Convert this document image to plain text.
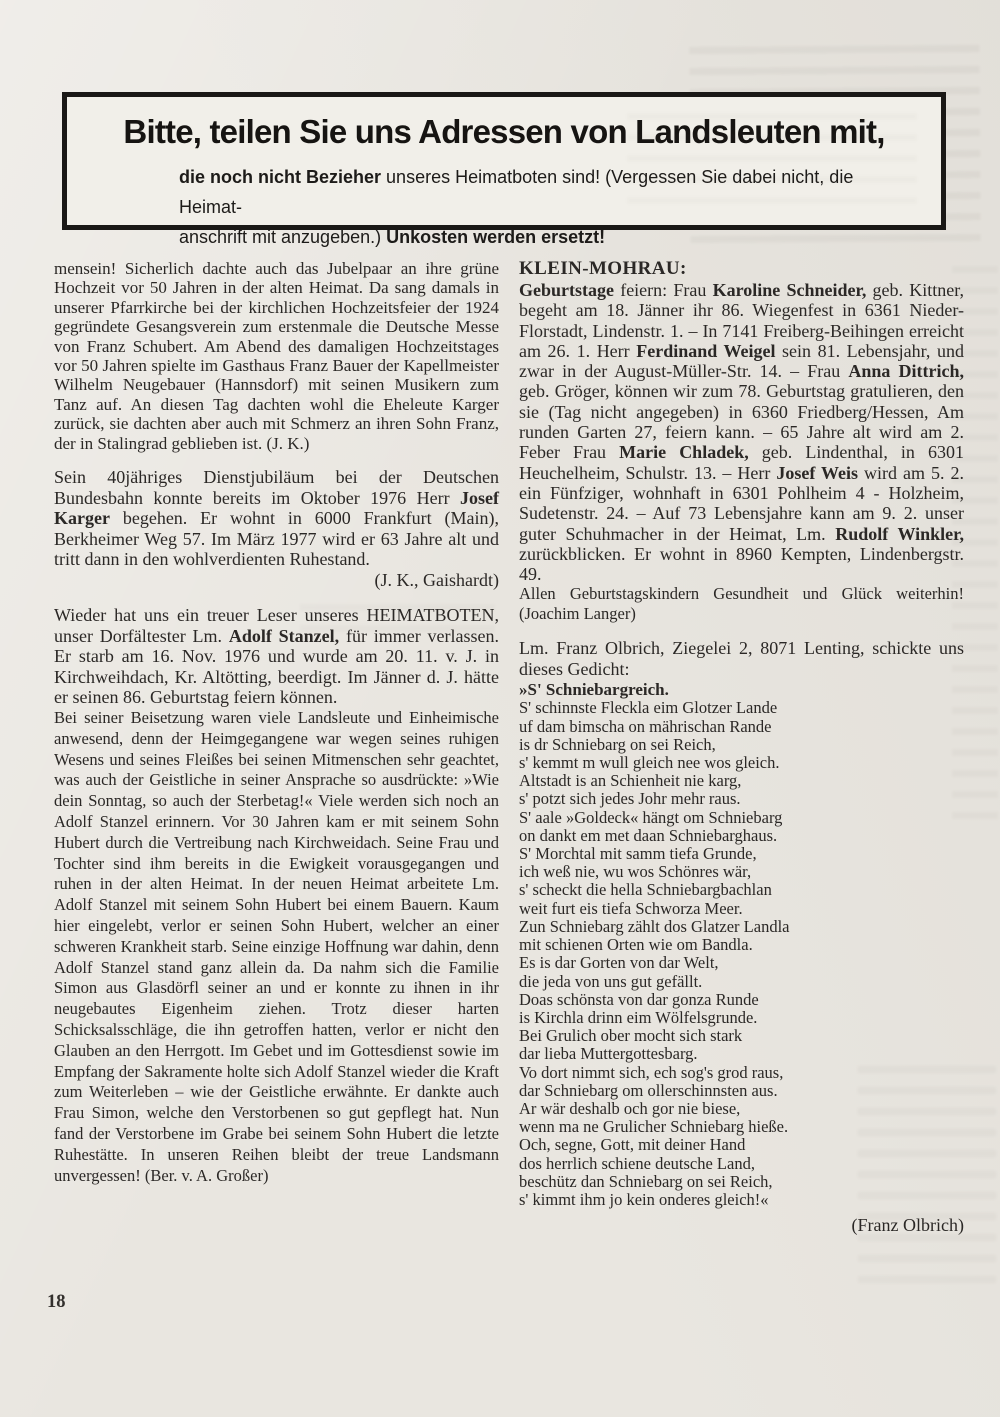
Bitte, teilen Sie uns Adressen von Landsleuten mit,
die noch nicht Bezieher unseres Heimatboten sind! (Vergessen Sie dabei nicht, die Heimat-
anschrift mit anzugeben.) Unkosten werden ersetzt!

mensein! Sicherlich dachte auch das Jubelpaar an ihre grüne Hochzeit vor 50 Jahren in der alten Heimat. Da sang damals in unserer Pfarrkirche bei der kirchlichen Hochzeitsfeier der 1924 gegründete Gesangsverein zum erstenmale die Deutsche Messe von Franz Schubert. Am Abend des damaligen Hochzeitstages vor 50 Jahren spielte im Gasthaus Franz Bauer der Kapellmeister Wilhelm Neugebauer (Hannsdorf) mit seinen Musikern zum Tanz auf. An diesen Tag dachten wohl die Eheleute Karger zurück, sie dachten aber auch mit Schmerz an ihren Sohn Franz, der in Stalingrad geblieben ist. (J. K.)

Sein 40jähriges Dienstjubiläum bei der Deutschen Bundesbahn konnte bereits im Oktober 1976 Herr Josef Karger begehen. Er wohnt in 6000 Frankfurt (Main), Berkheimer Weg 57. Im März 1977 wird er 63 Jahre alt und tritt dann in den wohlverdienten Ruhestand.

(J. K., Gaishardt)

Wieder hat uns ein treuer Leser unseres HEIMATBOTEN, unser Dorfältester Lm. Adolf Stanzel, für immer verlassen. Er starb am 16. Nov. 1976 und wurde am 20. 11. v. J. in Kirchweihdach, Kr. Altötting, beerdigt. Im Jänner d. J. hätte er seinen 86. Geburtstag feiern können.

Bei seiner Beisetzung waren viele Landsleute und Einheimische anwesend, denn der Heimgegangene war wegen seines ruhigen Wesens und seines Fleißes bei seinen Mitmenschen sehr geachtet, was auch der Geistliche in seiner Ansprache so ausdrückte: »Wie dein Sonntag, so auch der Sterbetag!« Viele werden sich noch an Adolf Stanzel erinnern. Vor 30 Jahren kam er mit seinem Sohn Hubert durch die Vertreibung nach Kirchweidach. Seine Frau und Tochter sind ihm bereits in die Ewigkeit vorausgegangen und ruhen in der alten Heimat. In der neuen Heimat arbeitete Lm. Adolf Stanzel mit seinem Sohn Hubert bei einem Bauern. Kaum hier eingelebt, verlor er seinen Sohn Hubert, welcher an einer schweren Krankheit starb. Seine einzige Hoffnung war dahin, denn Adolf Stanzel stand ganz allein da. Da nahm sich die Familie Simon aus Glasdörfl seiner an und er konnte zu ihnen in ihr neugebautes Eigenheim ziehen. Trotz dieser harten Schicksalsschläge, die ihn getroffen hatten, verlor er nicht den Glauben an den Herrgott. Im Gebet und im Gottesdienst sowie im Empfang der Sakramente holte sich Adolf Stanzel wieder die Kraft zum Weiterleben – wie der Geistliche erwähnte. Er dankte auch Frau Simon, welche den Verstorbenen so gut gepflegt hat. Nun fand der Verstorbene im Grabe bei seinem Sohn Hubert die letzte Ruhestätte. In unseren Reihen bleibt der treue Landsmann unvergessen! (Ber. v. A. Großer)

KLEIN-MOHRAU:

Geburtstage feiern: Frau Karoline Schneider, geb. Kittner, begeht am 18. Jänner ihr 86. Wiegenfest in 6361 Nieder-Florstadt, Lindenstr. 1. – In 7141 Freiberg-Beihingen erreicht am 26. 1. Herr Ferdinand Weigel sein 81. Lebensjahr, und zwar in der August-Müller-Str. 14. – Frau Anna Dittrich, geb. Gröger, können wir zum 78. Geburtstag gratulieren, den sie (Tag nicht angegeben) in 6360 Friedberg/Hessen, Am runden Garten 27, feiern kann. – 65 Jahre alt wird am 2. Feber Frau Marie Chladek, geb. Lindenthal, in 6301 Heuchelheim, Schulstr. 13. – Herr Josef Weis wird am 5. 2. ein Fünfziger, wohnhaft in 6301 Pohlheim 4 - Holzheim, Sudetenstr. 24. – Auf 73 Lebensjahre kann am 9. 2. unser guter Schuhmacher in der Heimat, Lm. Rudolf Winkler, zurückblicken. Er wohnt in 8960 Kempten, Lindenbergstr. 49.

Allen Geburtstagskindern Gesundheit und Glück weiterhin! (Joachim Langer)

Lm. Franz Olbrich, Ziegelei 2, 8071 Lenting, schickte uns dieses Gedicht:

»S' Schniebargreich.

S' schinnste Fleckla eim Glotzer Lande
uf dam bimscha on mährischan Rande
is dr Schniebarg on sei Reich,
s' kemmt m wull gleich nee wos gleich.
Altstadt is an Schienheit nie karg,
s' potzt sich jedes Johr mehr raus.
S' aale »Goldeck« hängt om Schniebarg
on dankt em met daan Schniebarghaus.
S' Morchtal mit samm tiefa Grunde,
ich weß nie, wu wos Schönres wär,
s' scheckt die hella Schniebargbachlan
weit furt eis tiefa Schworza Meer.
Zun Schniebarg zählt dos Glatzer Landla
mit schienen Orten wie om Bandla.
Es is dar Gorten von dar Welt,
die jeda von uns gut gefällt.
Doas schönsta von dar gonza Runde
is Kirchla drinn eim Wölfelsgrunde.
Bei Grulich ober mocht sich stark
dar lieba Muttergottesbarg.
Vo dort nimmt sich, ech sog's grod raus,
dar Schniebarg om ollerschinnsten aus.
Ar wär deshalb och gor nie biese,
wenn ma ne Grulicher Schniebarg hieße.
Och, segne, Gott, mit deiner Hand
dos herrlich schiene deutsche Land,
beschütz dan Schniebarg on sei Reich,
s' kimmt ihm jo kein onderes gleich!«

(Franz Olbrich)

18
